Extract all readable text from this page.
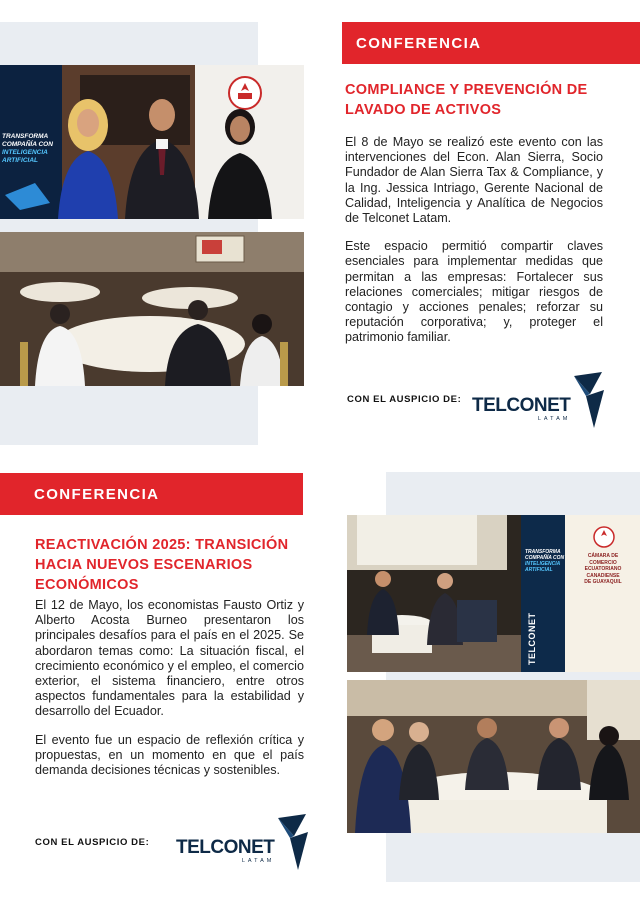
TRANSFORMA
COMPAÑÍA CON
INTELIGENCIA
ARTIFICIAL
CONFERENCIA
COMPLIANCE Y PREVENCIÓN DE
LAVADO DE ACTIVOS

El 8 de Mayo se realizó este evento con las intervenciones del Econ. Alan Sierra, Socio Fundador de Alan Sierra Tax & Compliance, y la Ing. Jessica Intriago, Gerente Nacional de Calidad, Inteligencia y Analítica de Negocios de Telconet Latam.

Este espacio permitió compartir claves esenciales para implementar medidas que permitan a las empresas: Fortalecer sus relaciones comerciales; mitigar riesgos de contagio y acciones penales; reforzar su reputación corporativa; y, proteger el patrimonio familiar.

CON EL AUSPICIO DE: TELCONET
LATAM
CONFERENCIA
REACTIVACIÓN 2025: TRANSICIÓN
HACIA NUEVOS ESCENARIOS
ECONÓMICOS

El 12 de Mayo, los economistas Fausto Ortiz y Alberto Acosta Burneo presentaron los principales desafíos para el país en el 2025. Se abordaron temas como: La situación fiscal, el crecimiento económico y el empleo, el comercio exterior, el sistema financiero, entre otros aspectos fundamentales para la estabilidad y desarrollo del Ecuador.

El evento fue un espacio de reflexión crítica y propuestas, en un momento en que el país demanda decisiones técnicas y sostenibles.

CON EL AUSPICIO DE: TELCONET
LATAM
TRANSFORMA
COMPAÑÍA CON
INTELIGENCIA
ARTIFICIAL
TELCONET
CÁMARA DE
COMERCIO
ECUATORIANO
CANADIENSE
DE GUAYAQUIL
